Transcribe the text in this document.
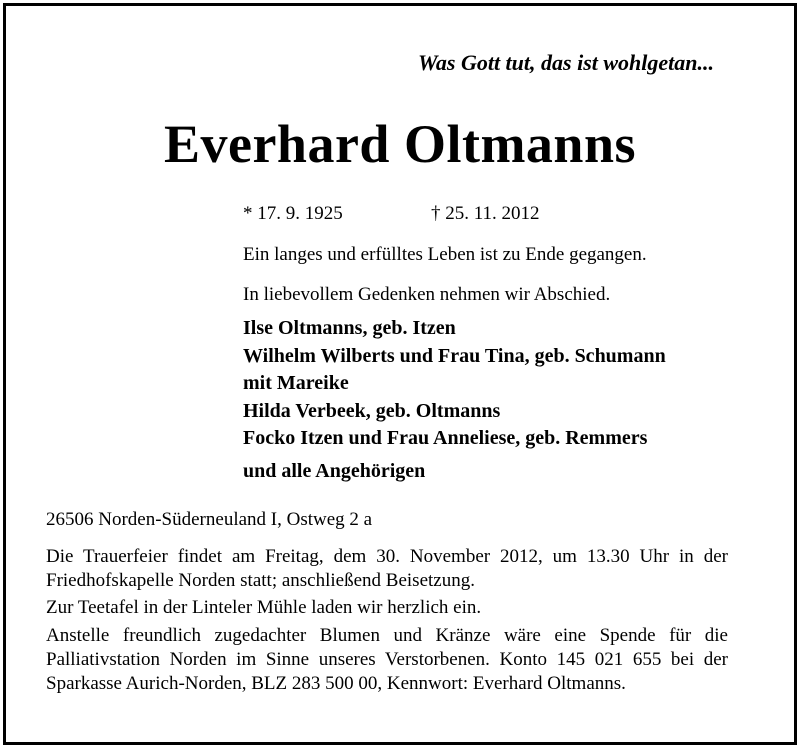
Was Gott tut, das ist wohlgetan...
Everhard Oltmanns
* 17. 9. 1925	† 25. 11. 2012
Ein langes und erfülltes Leben ist zu Ende gegangen.
In liebevollem Gedenken nehmen wir Abschied.
Ilse Oltmanns, geb. Itzen
Wilhelm Wilberts und Frau Tina, geb. Schumann
mit Mareike
Hilda Verbeek, geb. Oltmanns
Focko Itzen und Frau Anneliese, geb. Remmers
und alle Angehörigen
26506 Norden-Süderneuland I, Ostweg 2 a
Die Trauerfeier findet am Freitag, dem 30. November 2012, um 13.30 Uhr in der Friedhofskapelle Norden statt; anschließend Beisetzung.
Zur Teetafel in der Linteler Mühle laden wir herzlich ein.
Anstelle freundlich zugedachter Blumen und Kränze wäre eine Spende für die Palliativstation Norden im Sinne unseres Verstorbenen. Konto 145 021 655 bei der Sparkasse Aurich-Norden, BLZ 283 500 00, Kennwort: Everhard Oltmanns.
